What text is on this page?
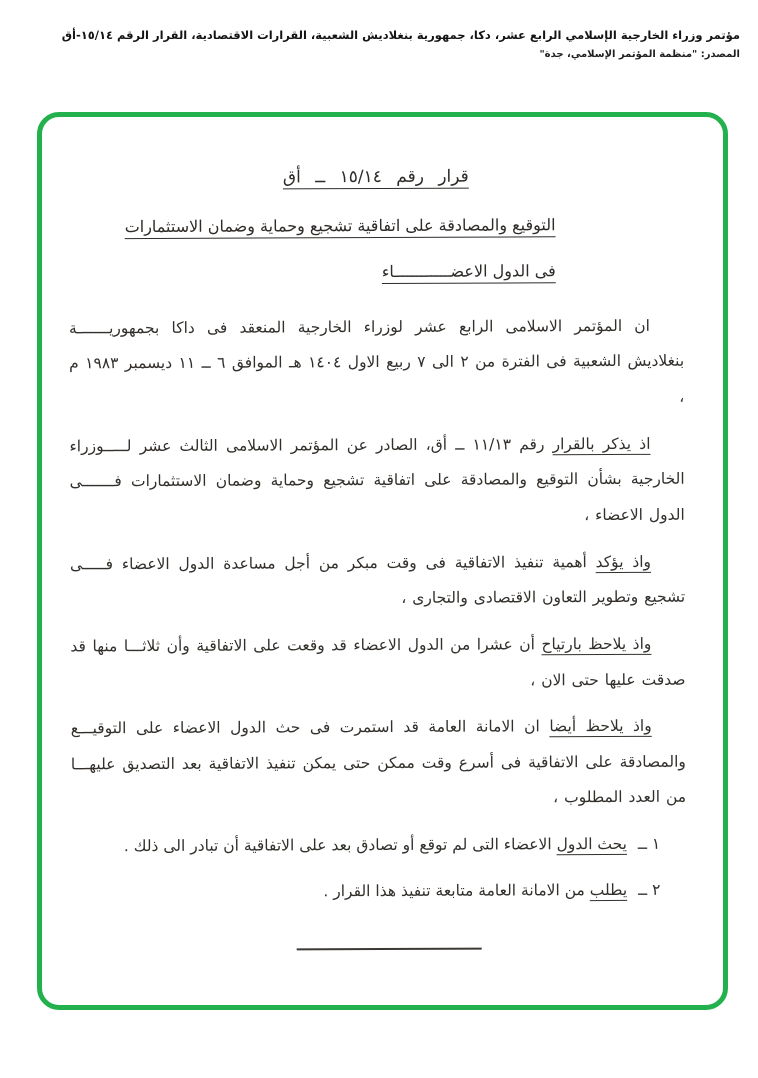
مؤتمر وزراء الخارجية الإسلامي الرابع عشر، دكا، جمهورية بنغلاديش الشعبية، القرارات الاقتصادية، القرار الرقم ١٥/١٤-أق
المصدر: "منظمة المؤتمر الإسلامي، جدة"
قرار رقم ١٥/١٤ ــ أق
التوقيع والمصادقة على اتفاقية تشجيع وحماية وضمان الاستثمارات
فى الدول الاعضــــــــــــاء

ان المؤتمر الاسلامى الرابع عشر لوزراء الخارجية المنعقد فى داكا بجمهوريـــــــة بنغلاديش الشعبية فى الفترة من ٢ الى ٧ ربيع الاول ١٤٠٤ هـ الموافق ٦ ــ ١١ ديسمبر ١٩٨٣ م ،

اذ يذكر بالقرار رقم ١١/١٣ ــ أق، الصادر عن المؤتمر الاسلامى الثالث عشر لـــــوزراء الخارجية بشأن التوقيع والمصادقة على اتفاقية تشجيع وحماية وضمان الاستثمارات فـــــــى الدول الاعضاء ،

واذ يؤكد أهمية تنفيذ الاتفاقية فى وقت مبكر من أجل مساعدة الدول الاعضاء فـــــى تشجيع وتطوير التعاون الاقتصادى والتجارى ،

واذ يلاحظ بارتياح أن عشرا من الدول الاعضاء قد وقعت على الاتفاقية وأن ثلاثـــا منها قد صدقت عليها حتى الان ،

واذ يلاحظ أيضا ان الامانة العامة قد استمرت فى حث الدول الاعضاء على التوقيـــع والمصادقة على الاتفاقية فى أسرع وقت ممكن حتى يمكن تنفيذ الاتفاقية بعد التصديق عليهـــا من العدد المطلوب ،

١ ــ يحث الدول الاعضاء التى لم توقع أو تصادق بعد على الاتفاقية أن تبادر الى ذلك .

٢ ــ يطلب من الامانة العامة متابعة تنفيذ هذا القرار .
